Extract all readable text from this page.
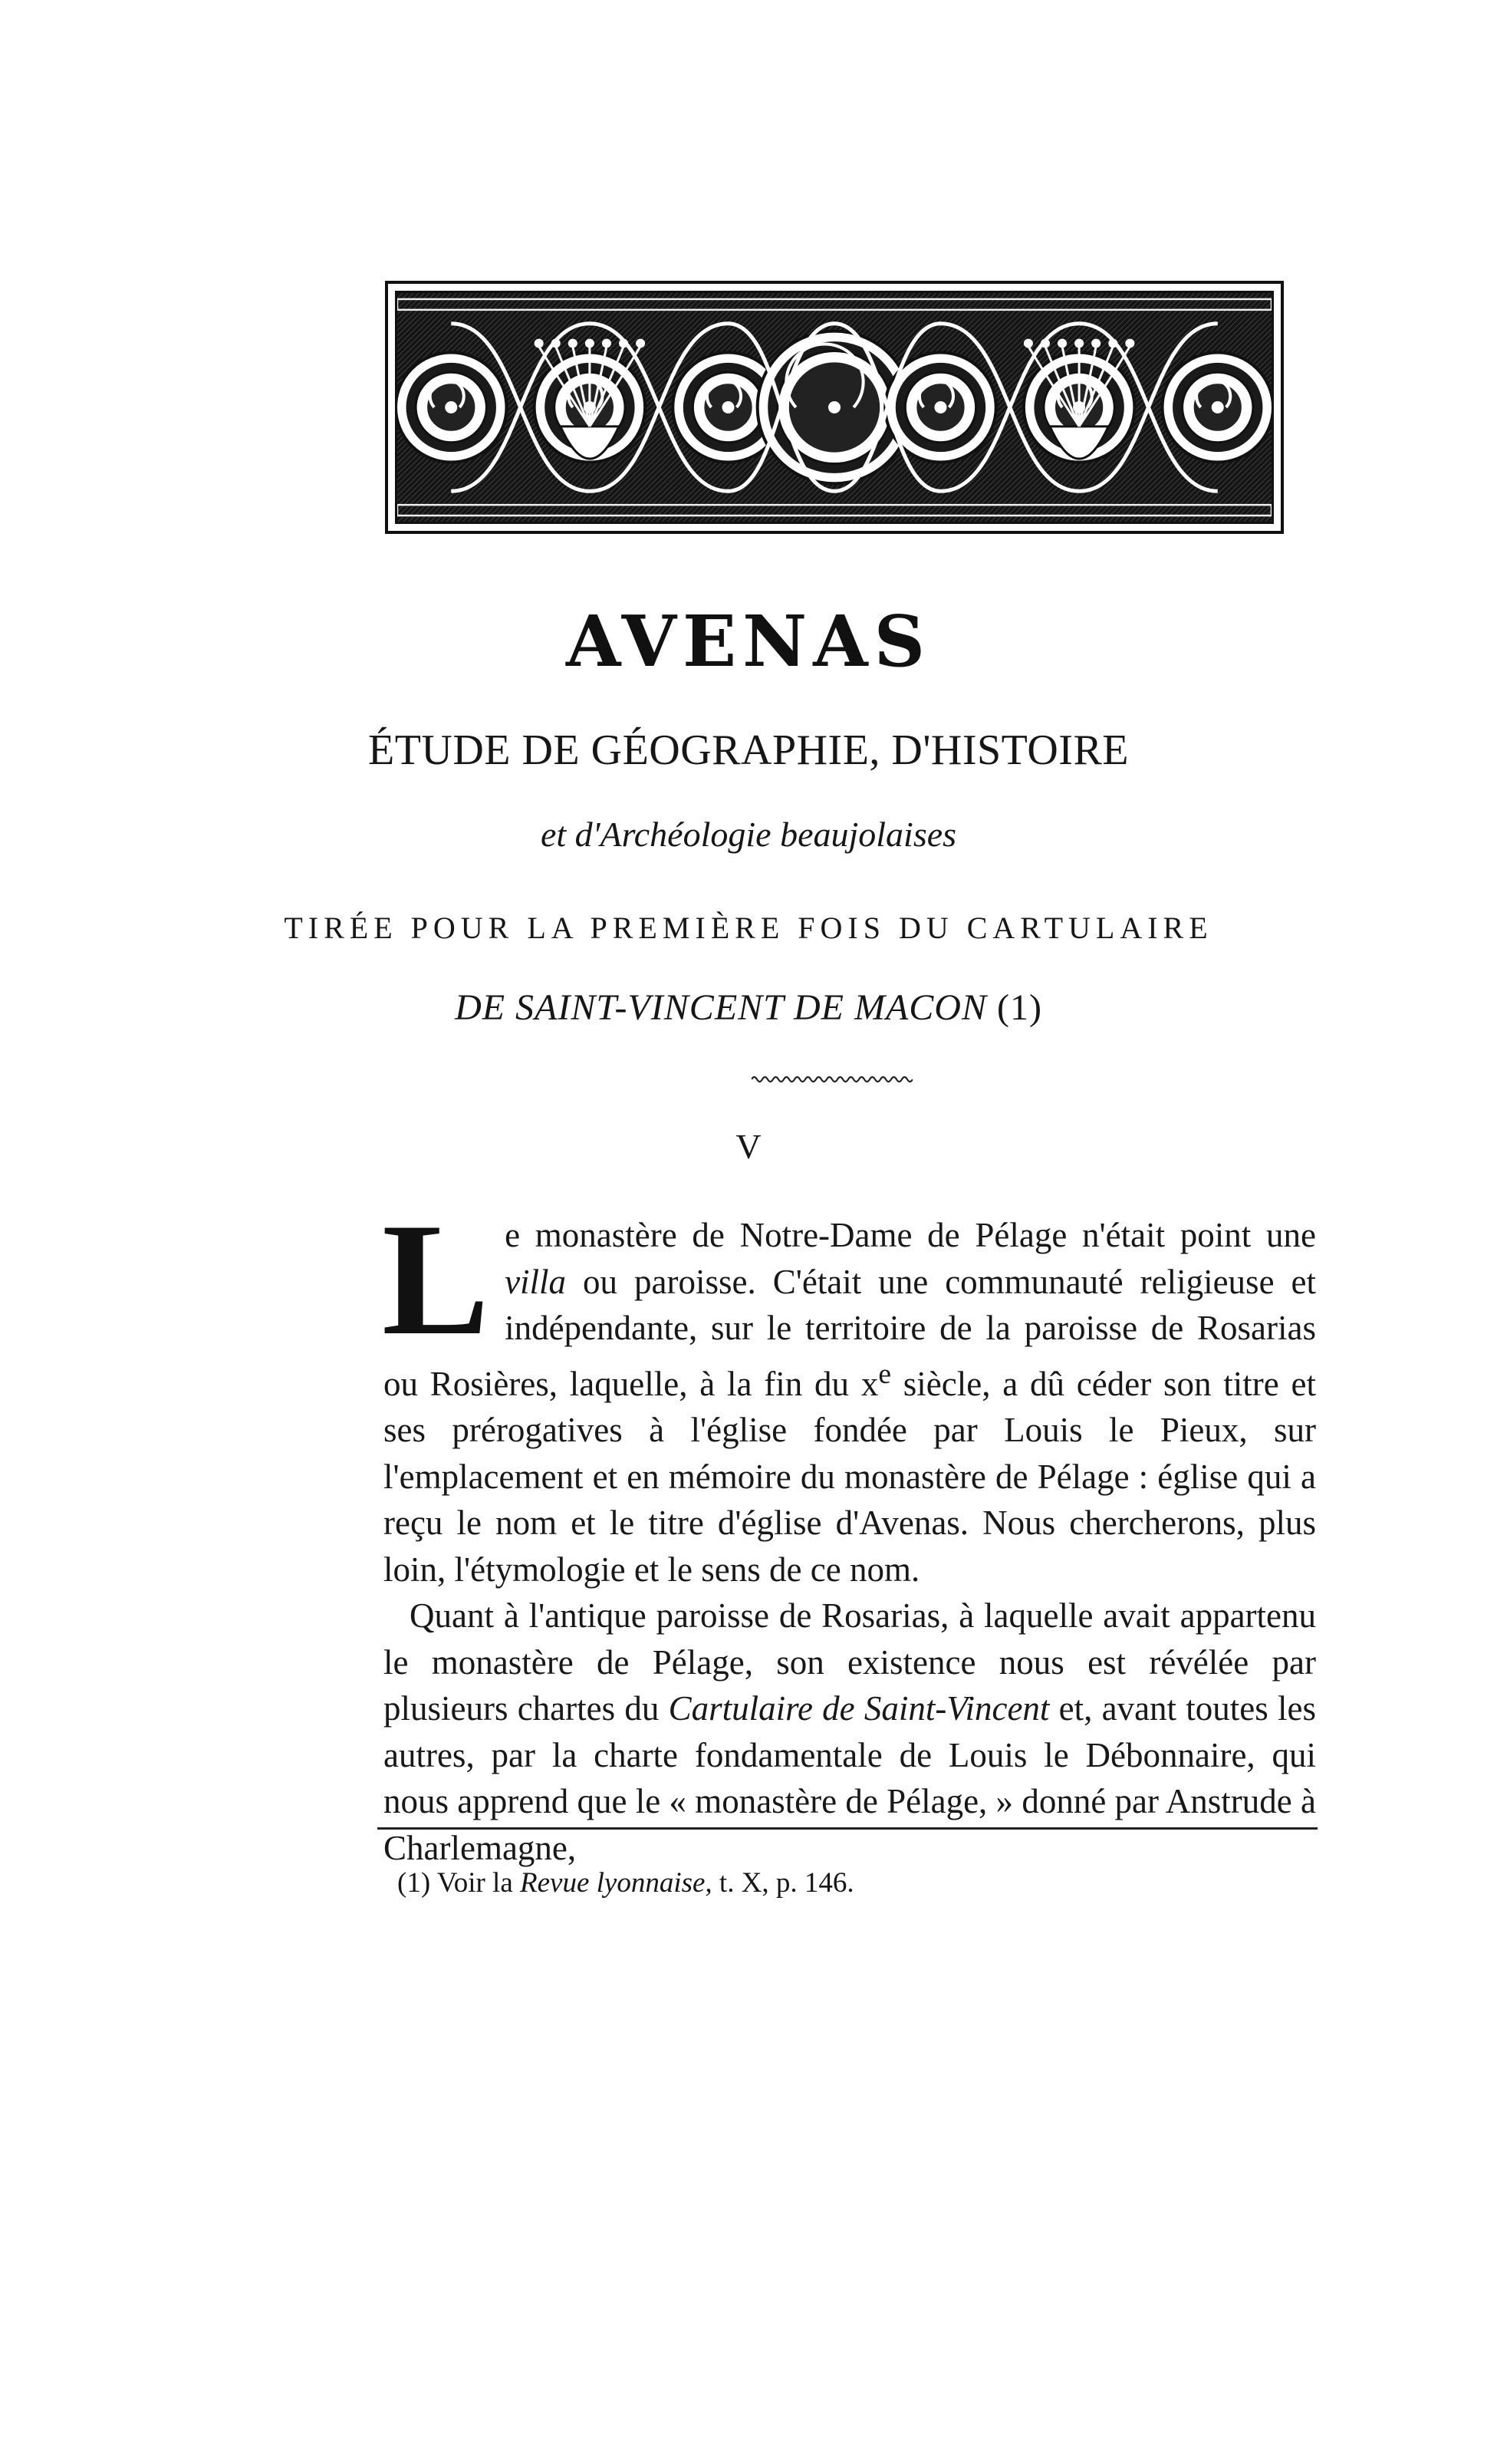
AVENAS
ÉTUDE DE GÉOGRAPHIE, D'HISTOIRE
et d'Archéologie beaujolaises
TIRÉE POUR LA PREMIÈRE FOIS DU CARTULAIRE
DE SAINT-VINCENT DE MACON (1)
V

Le monastère de Notre-Dame de Pélage n'était point une villa ou paroisse. C'était une communauté religieuse et indépendante, sur le territoire de la paroisse de Rosarias ou Rosières, laquelle, à la fin du $x^e$ siècle, a dû céder son titre et ses prérogatives à l'église fondée par Louis le Pieux, sur l'emplacement et en mémoire du monastère de Pélage : église qui a reçu le nom et le titre d'église d'Avenas. Nous chercherons, plus loin, l'étymologie et le sens de ce nom.

Quant à l'antique paroisse de Rosarias, à laquelle avait appartenu le monastère de Pélage, son existence nous est révélée par plusieurs chartes du Cartulaire de Saint-Vincent et, avant toutes les autres, par la charte fondamentale de Louis le Débonnaire, qui nous apprend que le « monastère de Pélage, » donné par Anstrude à Charlemagne,

(1) Voir la Revue lyonnaise, t. X, p. 146.
